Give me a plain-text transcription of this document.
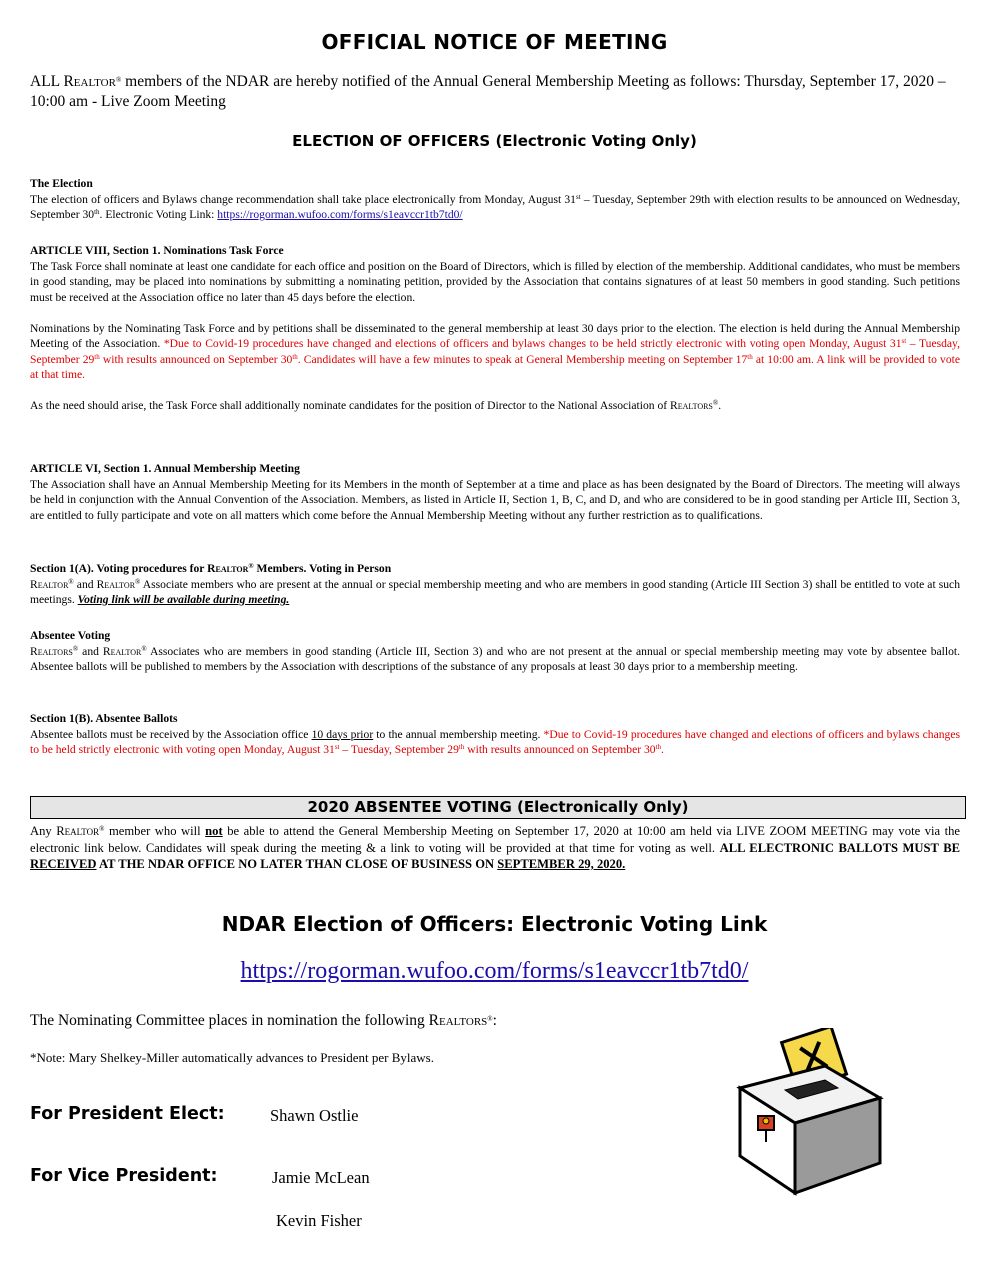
OFFICIAL NOTICE OF MEETING
ALL Realtor® members of the NDAR are hereby notified of the Annual General Membership Meeting as follows: Thursday, September 17, 2020 – 10:00 am - Live Zoom Meeting
ELECTION OF OFFICERS (Electronic Voting Only)

The Election

The election of officers and Bylaws change recommendation shall take place electronically from Monday, August 31st – Tuesday, September 29th with election results to be announced on Wednesday, September 30th. Electronic Voting Link: https://rogorman.wufoo.com/forms/s1eavccr1tb7td0/

ARTICLE VIII, Section 1. Nominations Task Force

The Task Force shall nominate at least one candidate for each office and position on the Board of Directors, which is filled by election of the membership. Additional candidates, who must be members in good standing, may be placed into nominations by submitting a nominating petition, provided by the Association that contains signatures of at least 50 members in good standing. Such petitions must be received at the Association office no later than 45 days before the election.

Nominations by the Nominating Task Force and by petitions shall be disseminated to the general membership at least 30 days prior to the election. The election is held during the Annual Membership Meeting of the Association. *Due to Covid-19 procedures have changed and elections of officers and bylaws changes to be held strictly electronic with voting open Monday, August 31st – Tuesday, September 29th with results announced on September 30th. Candidates will have a few minutes to speak at General Membership meeting on September 17th at 10:00 am. A link will be provided to vote at that time.

As the need should arise, the Task Force shall additionally nominate candidates for the position of Director to the National Association of Realtors®.

ARTICLE VI, Section 1. Annual Membership Meeting

The Association shall have an Annual Membership Meeting for its Members in the month of September at a time and place as has been designated by the Board of Directors. The meeting will always be held in conjunction with the Annual Convention of the Association. Members, as listed in Article II, Section 1, B, C, and D, and who are considered to be in good standing per Article III, Section 3, are entitled to fully participate and vote on all matters which come before the Annual Membership Meeting without any further restriction as to qualifications.

Section 1(A). Voting procedures for Realtor® Members. Voting in Person

Realtor® and Realtor® Associate members who are present at the annual or special membership meeting and who are members in good standing (Article III Section 3) shall be entitled to vote at such meetings. Voting link will be available during meeting.

Absentee Voting

Realtors® and Realtor® Associates who are members in good standing (Article III, Section 3) and who are not present at the annual or special membership meeting may vote by absentee ballot. Absentee ballots will be published to members by the Association with descriptions of the substance of any proposals at least 30 days prior to a membership meeting.

Section 1(B). Absentee Ballots

Absentee ballots must be received by the Association office 10 days prior to the annual membership meeting. *Due to Covid-19 procedures have changed and elections of officers and bylaws changes to be held strictly electronic with voting open Monday, August 31st – Tuesday, September 29th with results announced on September 30th.

2020 ABSENTEE VOTING (Electronically Only)
Any Realtor® member who will not be able to attend the General Membership Meeting on September 17, 2020 at 10:00 am held via LIVE ZOOM MEETING may vote via the electronic link below. Candidates will speak during the meeting & a link to voting will be provided at that time for voting as well. ALL ELECTRONIC BALLOTS MUST BE RECEIVED AT THE NDAR OFFICE NO LATER THAN CLOSE OF BUSINESS ON SEPTEMBER 29, 2020.
NDAR Election of Officers: Electronic Voting Link
https://rogorman.wufoo.com/forms/s1eavccr1tb7td0/
The Nominating Committee places in nomination the following Realtors®:
*Note: Mary Shelkey-Miller automatically advances to President per Bylaws.
For President Elect:	Shawn Ostlie
For Vice President:	Jamie McLean
Kevin Fisher
